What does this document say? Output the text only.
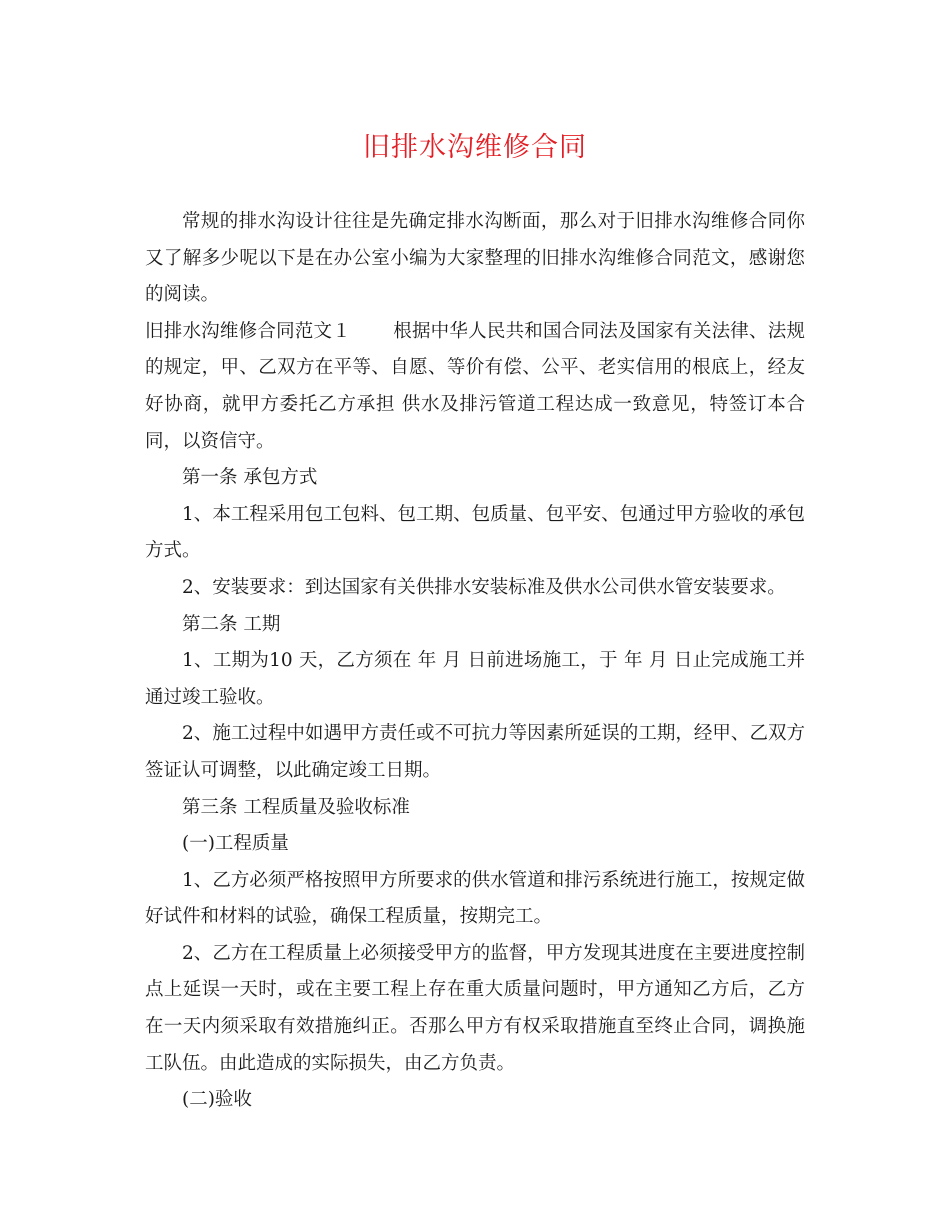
旧排水沟维修合同

常规的排水沟设计往往是先确定排水沟断面，那么对于旧排水沟维修合同你又了解多少呢以下是在办公室小编为大家整理的旧排水沟维修合同范文，感谢您的阅读。

旧排水沟维修合同范文１ 根据中华人民共和国合同法及国家有关法律、法规的规定，甲、乙双方在平等、自愿、等价有偿、公平、老实信用的根底上，经友好协商，就甲方委托乙方承担 供水及排污管道工程达成一致意见，特签订本合同，以资信守。

第一条 承包方式

1、本工程采用包工包料、包工期、包质量、包平安、包通过甲方验收的承包方式。

2、安装要求：到达国家有关供排水安装标准及供水公司供水管安装要求。

第二条 工期

1、工期为10 天，乙方须在 年 月 日前进场施工，于 年 月 日止完成施工并通过竣工验收。

2、施工过程中如遇甲方责任或不可抗力等因素所延误的工期，经甲、乙双方签证认可调整，以此确定竣工日期。

第三条 工程质量及验收标准

(一)工程质量

1、乙方必须严格按照甲方所要求的供水管道和排污系统进行施工，按规定做好试件和材料的试验，确保工程质量，按期完工。

2、乙方在工程质量上必须接受甲方的监督，甲方发现其进度在主要进度控制点上延误一天时，或在主要工程上存在重大质量问题时，甲方通知乙方后，乙方在一天内须采取有效措施纠正。否那么甲方有权采取措施直至终止合同，调换施工队伍。由此造成的实际损失，由乙方负责。

(二)验收
